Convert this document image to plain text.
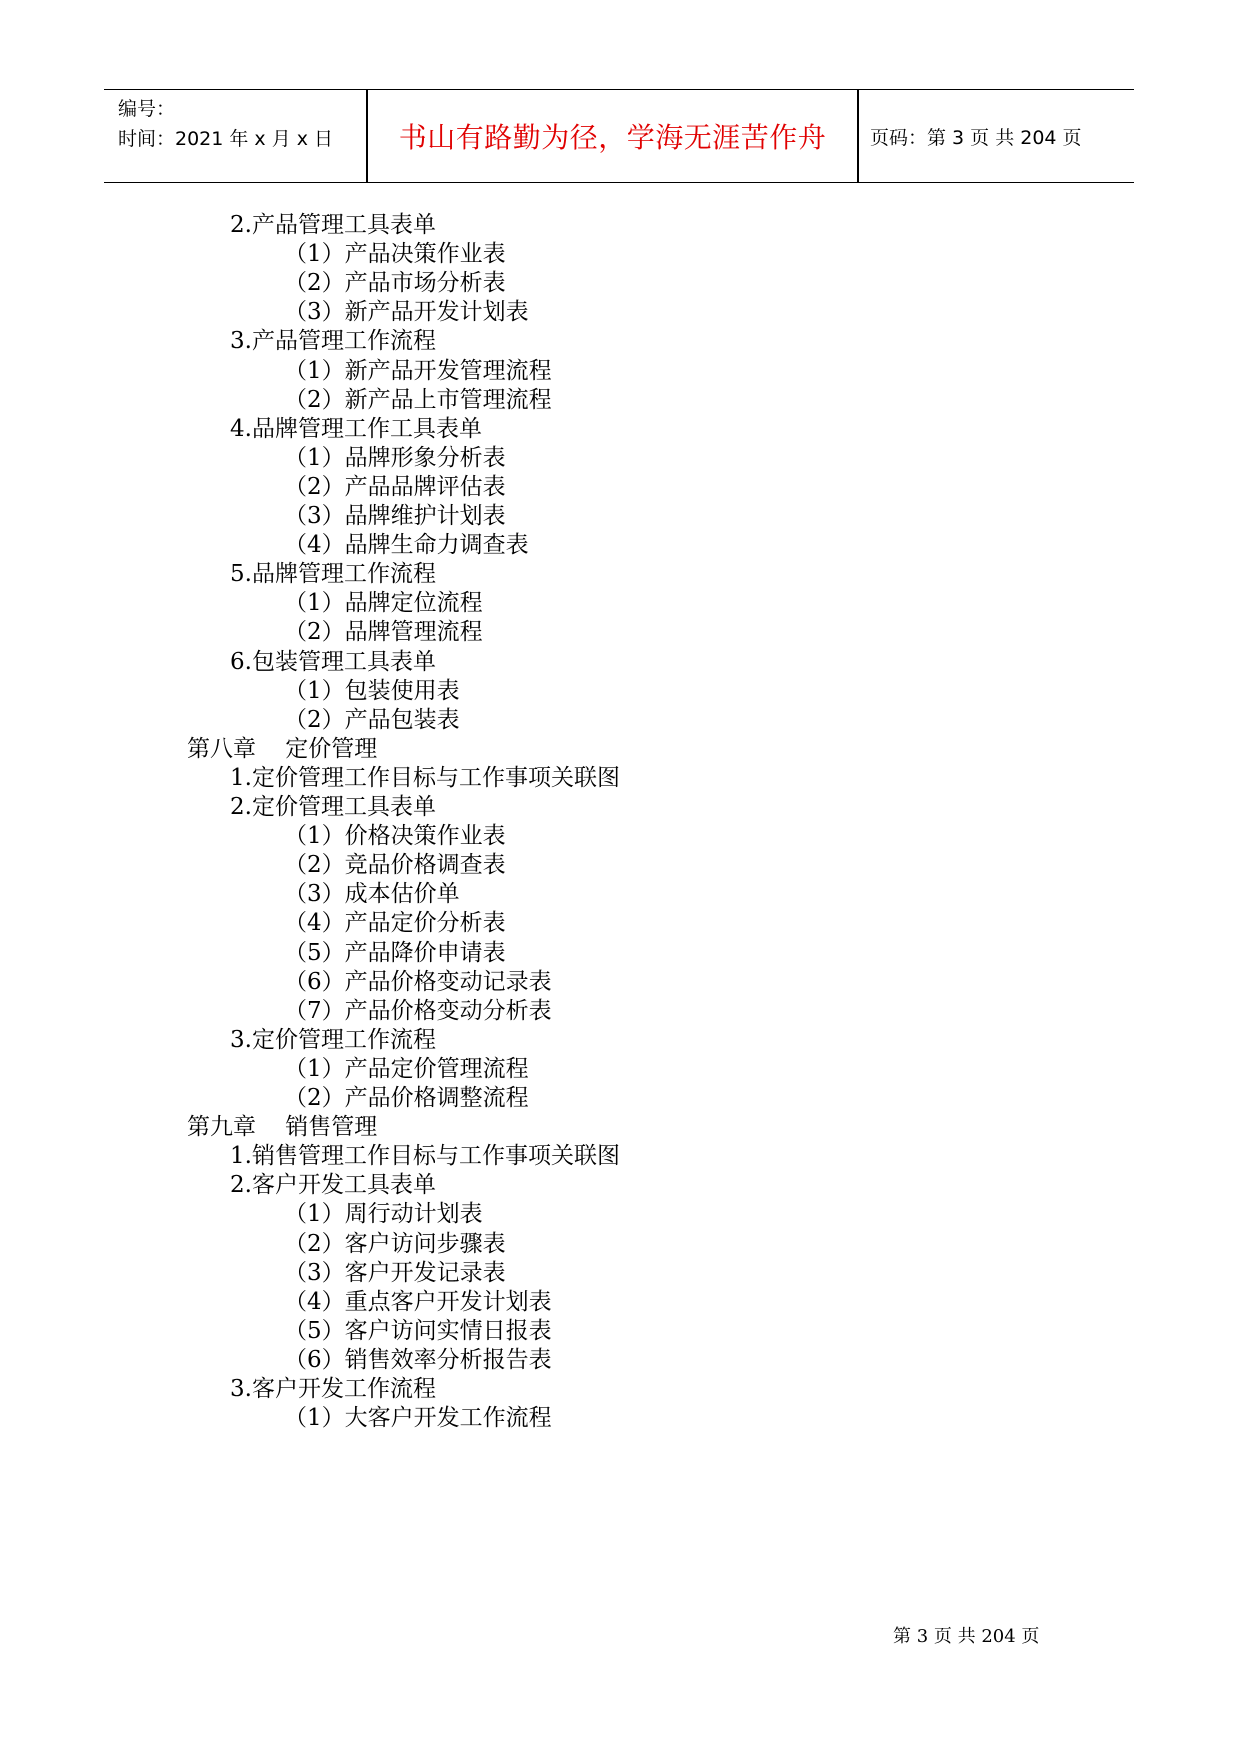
编号：
时间：2021 年 x 月 x 日	书山有路勤为径，学海无涯苦作舟	页码：第 3 页 共 204 页
2.产品管理工具表单
（1）产品决策作业表
（2）产品市场分析表
（3）新产品开发计划表
3.产品管理工作流程
（1）新产品开发管理流程
（2）新产品上市管理流程
4.品牌管理工作工具表单
（1）品牌形象分析表
（2）产品品牌评估表
（3）品牌维护计划表
（4）品牌生命力调查表
5.品牌管理工作流程
（1）品牌定位流程
（2）品牌管理流程
6.包装管理工具表单
（1）包装使用表
（2）产品包装表
第八章    定价管理
1.定价管理工作目标与工作事项关联图
2.定价管理工具表单
（1）价格决策作业表
（2）竞品价格调查表
（3）成本估价单
（4）产品定价分析表
（5）产品降价申请表
（6）产品价格变动记录表
（7）产品价格变动分析表
3.定价管理工作流程
（1）产品定价管理流程
（2）产品价格调整流程
第九章    销售管理
1.销售管理工作目标与工作事项关联图
2.客户开发工具表单
（1）周行动计划表
（2）客户访问步骤表
（3）客户开发记录表
（4）重点客户开发计划表
（5）客户访问实情日报表
（6）销售效率分析报告表
3.客户开发工作流程
（1）大客户开发工作流程
第 3 页 共 204 页
